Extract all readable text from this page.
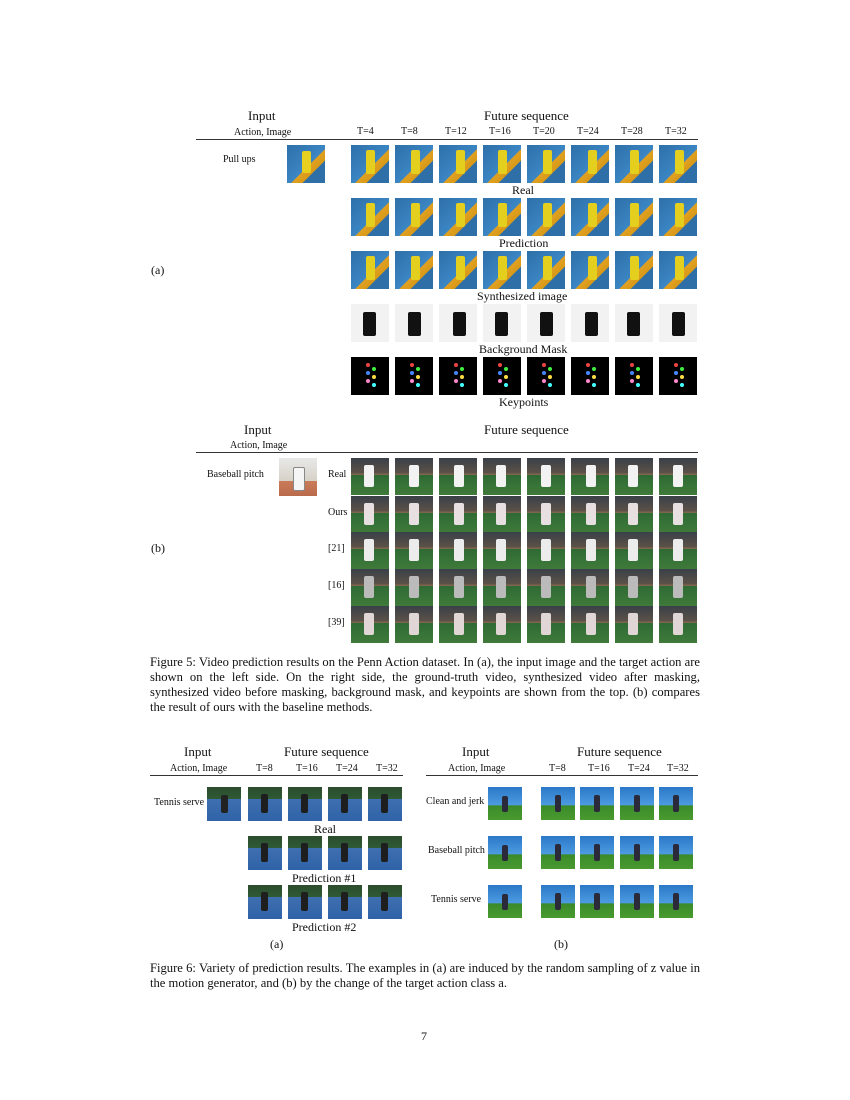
Input
Action, Image
Future sequence
T=4	T=8	T=12 T=16 T=20 T=24 T=28 T=32
Pull ups
(a)
Real
Prediction
Synthesized image
Background Mask
Keypoints
Input
Action, Image
Future sequence
Baseball pitch
(b)
Real
Ours
[21]
[16]
[39]
Figure 5: Video prediction results on the Penn Action dataset. In (a), the input image and the target action are shown on the left side. On the right side, the ground-truth video, synthesized video after masking, synthesized video before masking, background mask, and keypoints are shown from the top. (b) compares the result of ours with the baseline methods.
Input
Action, Image
Future sequence
T=8 T=16 T=24 T=32
Tennis serve
Real
Prediction #1
Prediction #2
(a)
Input
Action, Image
Future sequence
T=8 T=16 T=24 T=32
Clean and jerk
Baseball pitch
Tennis serve
(b)
Figure 6: Variety of prediction results. The examples in (a) are induced by the random sampling of z value in the motion generator, and (b) by the change of the target action class a.
7
